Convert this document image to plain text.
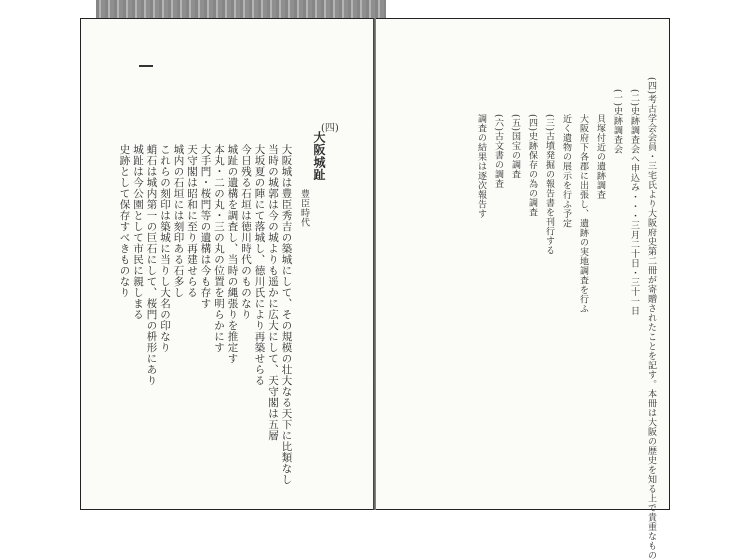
(四)
大阪城趾
豊臣時代
大阪城は豊臣秀吉の築城にして、その規模の壮大なる天下に比類なし
当時の城郭は今の城よりも遥かに広大にして、天守閣は五層
大坂夏の陣にて落城し、徳川氏により再築せらる
今日残る石垣は徳川時代のものなり
城趾の遺構を調査し、当時の縄張りを推定す
本丸・二の丸・三の丸の位置を明らかにす
大手門・桜門等の遺構は今も存す
天守閣は昭和に至り再建せらる
城内の石垣には刻印ある石多し
これらの刻印は築城に当りし大名の印なり
蛸石は城内第一の巨石にして、桜門の枡形にあり
城趾は今公園として市民に親しまる
史跡として保存すべきものなり	(四)考古学会会員・三宅氏より大阪府史第二冊が寄贈されたことを記す。本冊は大阪の歴史を知る上で貴重なもの
(二)史跡調査会へ申込み・・・三月二十日・三十一日
(一)史跡調査会
貝塚付近の遺跡調査
大阪府下各郡に出張し、遺跡の実地調査を行ふ
近く遺物の展示を行ふ予定
(三)古墳発掘の報告書を刊行する
(四)史跡保存の為の調査
(五)国宝の調査
(六)古文書の調査
調査の結果は逐次報告す
